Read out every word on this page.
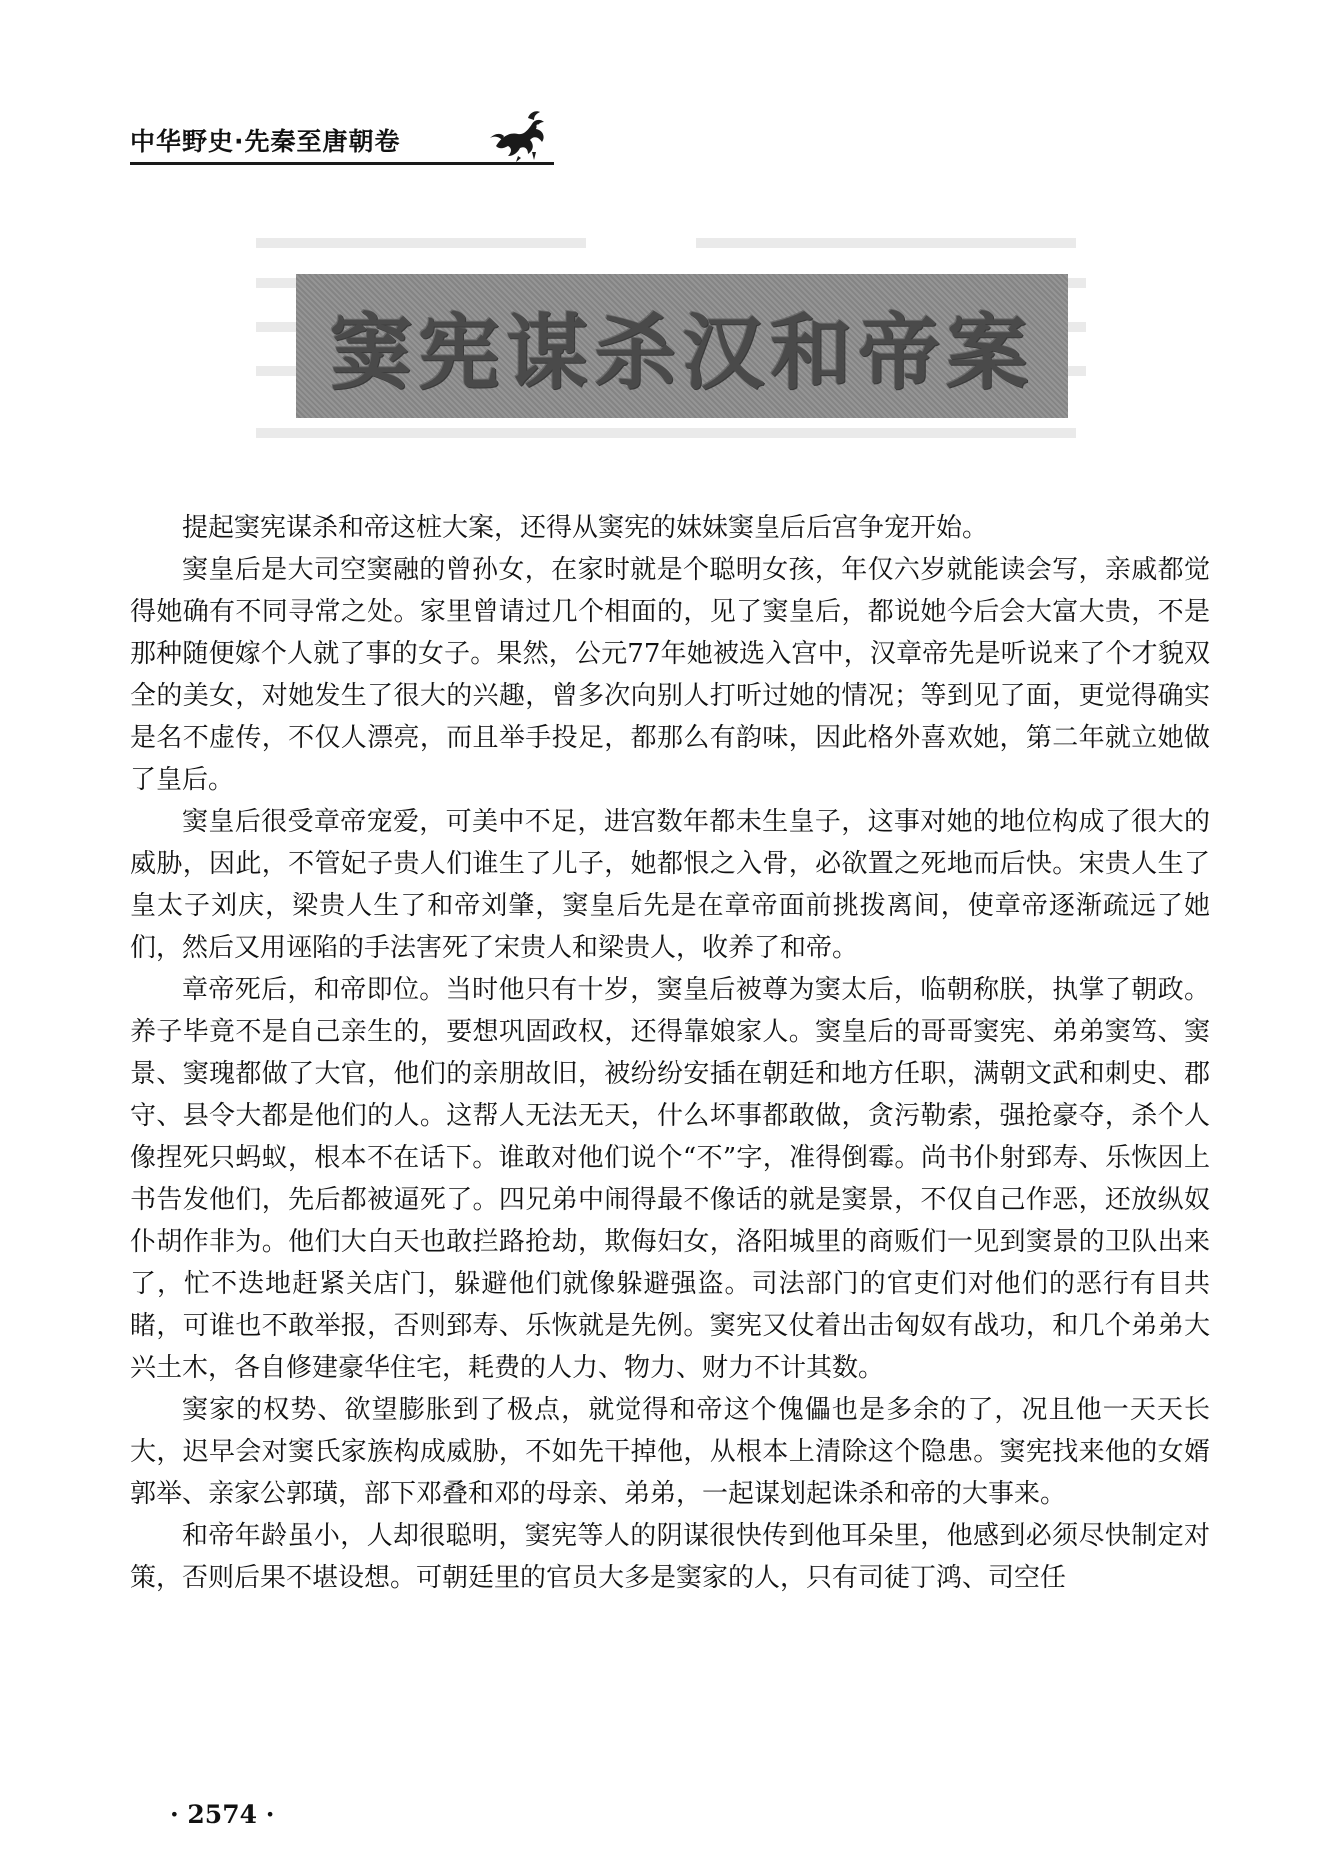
中华野史·先秦至唐朝卷
窦宪谋杀汉和帝案

提起窦宪谋杀和帝这桩大案，还得从窦宪的妹妹窦皇后后宫争宠开始。

窦皇后是大司空窦融的曾孙女，在家时就是个聪明女孩，年仅六岁就能读会写，亲戚都觉得她确有不同寻常之处。家里曾请过几个相面的，见了窦皇后，都说她今后会大富大贵，不是那种随便嫁个人就了事的女子。果然，公元77年她被选入宫中，汉章帝先是听说来了个才貌双全的美女，对她发生了很大的兴趣，曾多次向别人打听过她的情况；等到见了面，更觉得确实是名不虚传，不仅人漂亮，而且举手投足，都那么有韵味，因此格外喜欢她，第二年就立她做了皇后。

窦皇后很受章帝宠爱，可美中不足，进宫数年都未生皇子，这事对她的地位构成了很大的威胁，因此，不管妃子贵人们谁生了儿子，她都恨之入骨，必欲置之死地而后快。宋贵人生了皇太子刘庆，梁贵人生了和帝刘肇，窦皇后先是在章帝面前挑拨离间，使章帝逐渐疏远了她们，然后又用诬陷的手法害死了宋贵人和梁贵人，收养了和帝。

章帝死后，和帝即位。当时他只有十岁，窦皇后被尊为窦太后，临朝称朕，执掌了朝政。养子毕竟不是自己亲生的，要想巩固政权，还得靠娘家人。窦皇后的哥哥窦宪、弟弟窦笃、窦景、窦瑰都做了大官，他们的亲朋故旧，被纷纷安插在朝廷和地方任职，满朝文武和刺史、郡守、县令大都是他们的人。这帮人无法无天，什么坏事都敢做，贪污勒索，强抢豪夺，杀个人像捏死只蚂蚁，根本不在话下。谁敢对他们说个“不”字，准得倒霉。尚书仆射郅寿、乐恢因上书告发他们，先后都被逼死了。四兄弟中闹得最不像话的就是窦景，不仅自己作恶，还放纵奴仆胡作非为。他们大白天也敢拦路抢劫，欺侮妇女，洛阳城里的商贩们一见到窦景的卫队出来了，忙不迭地赶紧关店门，躲避他们就像躲避强盗。司法部门的官吏们对他们的恶行有目共睹，可谁也不敢举报，否则郅寿、乐恢就是先例。窦宪又仗着出击匈奴有战功，和几个弟弟大兴土木，各自修建豪华住宅，耗费的人力、物力、财力不计其数。

窦家的权势、欲望膨胀到了极点，就觉得和帝这个傀儡也是多余的了，况且他一天天长大，迟早会对窦氏家族构成威胁，不如先干掉他，从根本上清除这个隐患。窦宪找来他的女婿郭举、亲家公郭璜，部下邓叠和邓的母亲、弟弟，一起谋划起诛杀和帝的大事来。

和帝年龄虽小，人却很聪明，窦宪等人的阴谋很快传到他耳朵里，他感到必须尽快制定对策，否则后果不堪设想。可朝廷里的官员大多是窦家的人，只有司徒丁鸿、司空任

· 2574 ·
